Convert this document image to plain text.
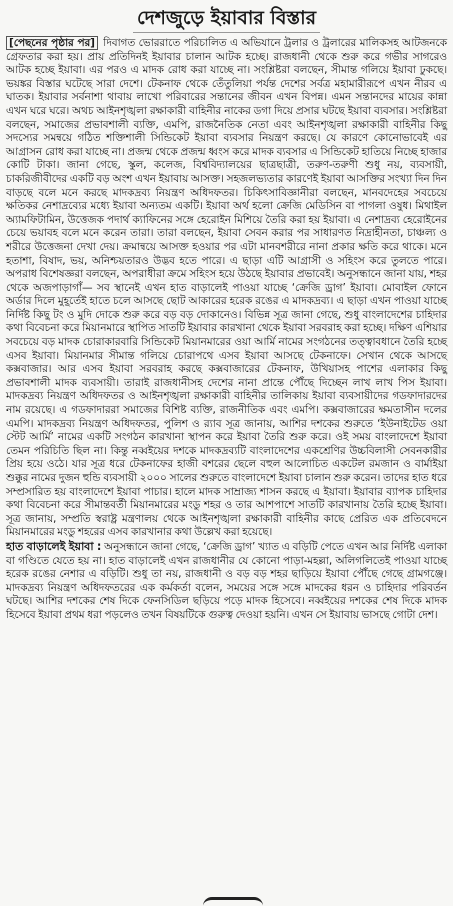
দেশজুড়ে ইয়াবার বিস্তার

[পেছনের পৃষ্ঠার পর] দিবাগত ভোররাতে পরিচালিত এ অভিযানে ট্রলার ও ট্রলারের মালিকসহ আটজনকে গ্রেফতার করা হয়। প্রায় প্রতিদিনই ইয়াবার চালান আটক হচ্ছে। রাজধানী থেকে শুরু করে গভীর সাগরেও আটক হচ্ছে ইয়াবা। এর পরও এ মাদক রোধ করা যাচ্ছে না। সংশ্লিষ্টরা বলছেন, সীমান্ত গলিয়ে ইয়াবা ঢুকছে। ভয়ঙ্কর বিস্তার ঘটেছে সারা দেশে। টেকনাফ থেকে তেঁতুলিয়া পর্যন্ত দেশের সর্বত্র মহামারীরূপে এখন নীরব এ ঘাতক। ইয়াবার সর্বনাশা থাবায় লাখো পরিবারের সন্তানের জীবন এখন বিপন্ন। এমন সন্তানদের মায়ের কান্না এখন ঘরে ঘরে। অথচ আইনশৃঙ্খলা রক্ষাকারী বাহিনীর নাকের ডগা দিয়ে প্রসার ঘটছে ইয়াবা ব্যবসার। সংশ্লিষ্টরা বলছেন, সমাজের প্রভাবশালী ব্যক্তি, এমপি, রাজনৈতিক নেতা এবং আইনশৃঙ্খলা রক্ষাকারী বাহিনীর কিছু সদস্যের সমন্বয়ে গঠিত শক্তিশালী সিন্ডিকেট ইয়াবা ব্যবসার নিয়ন্ত্রণ করছে। যে কারণে কোনোভাবেই এর আগ্রাসন রোধ করা যাচ্ছে না। প্রজন্ম থেকে প্রজন্ম ধ্বংস করে মাদক ব্যবসার এ সিন্ডিকেট হাতিয়ে নিচ্ছে হাজার কোটি টাকা। জানা গেছে, স্কুল, কলেজ, বিশ্ববিদ্যালয়ের ছাত্রছাত্রী, তরুণ-তরুণী শুধু নয়, ব্যবসায়ী, চাকরিজীবীদের একটি বড় অংশ এখন ইয়াবায় আসক্ত। সহজলভ্যতার কারণেই ইয়াবা আসক্তির সংখ্যা দিন দিন বাড়ছে বলে মনে করছে মাদকদ্রব্য নিয়ন্ত্রণ অধিদফতর। চিকিৎসাবিজ্ঞানীরা বলছেন, মানবদেহের সবচেয়ে ক্ষতিকর নেশাদ্রব্যের মধ্যে ইয়াবা অন্যতম একটি। ইয়াবা অর্থ হলো ক্রেজি মেডিসিন বা পাগলা ওষুধ। মিথাইল অ্যামফিটামিন, উত্তেজক পদার্থ ক্যাফিনের সঙ্গে হেরোইন মিশিয়ে তৈরি করা হয় ইয়াবা। এ নেশাদ্রব্য হেরোইনের চেয়ে ভয়াবহ বলে মনে করেন তারা। তারা বলছেন, ইয়াবা সেবন করার পর সাধারণত নিদ্রাহীনতা, চাঞ্চল্য ও শরীরে উত্তেজনা দেখা দেয়। ক্রমান্বয়ে আসক্ত হওয়ার পর এটা মানবশরীরে নানা প্রকার ক্ষতি করে থাকে। মনে হতাশা, বিষাদ, ভয়, অনিশ্চয়তারও উদ্ভব হতে পারে। এ ছাড়া এটি আগ্রাসী ও সহিংস করে তুলতে পারে। অপরাধ বিশেষজ্ঞরা বলছেন, অপরাধীরা ক্রমে সহিংস হয়ে উঠছে ইয়াবার প্রভাবেই। অনুসন্ধানে জানা যায়, শহর থেকে অজপাড়াগাঁ— সব স্থানেই এখন হাত বাড়ালেই পাওয়া যাচ্ছে ‘ক্রেজি ড্রাগ’ ইয়াবা। মোবাইল ফোনে অর্ডার দিলে মুহূর্তেই হাতে চলে আসছে ছোট আকারের হরেক রঙের এ মাদকদ্রব্য। এ ছাড়া এখন পাওয়া যাচ্ছে নির্দিষ্ট কিছু টং ও মুদি দোকে শুরু করে বড় বড় দোকানেও। বিভিন্ন সূত্র জানা গেছে, শুধু বাংলাদেশের চাহিদার কথা বিবেচনা করে মিয়ানমারে স্থাপিত সাতটি ইয়াবার কারখানা থেকে ইয়াবা সরবরাহ করা হচ্ছে। দক্ষিণ এশিয়ার সবচেয়ে বড় মাদক চোরাকারবারি সিন্ডিকেট মিয়ানমারের ওয়া আর্মি নামের সংগঠনের তত্ত্বাবধানে তৈরি হচ্ছে এসব ইয়াবা। মিয়ানমার সীমান্ত গলিয়ে চোরাপথে এসব ইয়াবা আসছে টেকনাফে। সেখান থেকে আসছে কক্সবাজার। আর এসব ইয়াবা সরবরাহ করছে কক্সবাজারের টেকনাফ, উখিয়াসহ পাশের এলাকার কিছু প্রভাবশালী মাদক ব্যবসায়ী। তারাই রাজধানীসহ দেশের নানা প্রান্তে পৌঁছে দিচ্ছেন লাখ লাখ পিস ইয়াবা। মাদকদ্রব্য নিয়ন্ত্রণ অধিদফতর ও আইনশৃঙ্খলা রক্ষাকারী বাহিনীর তালিকায় ইয়াবা ব্যবসায়ীদের গডফাদারদের নাম রয়েছে। এ গডফাদাররা সমাজের বিশিষ্ট ব্যক্তি, রাজনীতিক এবং এমপি। কক্সবাজারের ক্ষমতাসীন দলের এমপি। মাদকদ্রব্য নিয়ন্ত্রণ অধিদফতর, পুলিশ ও র‌্যাব সূত্র জানায়, আশির দশকের শুরুতে ‘ইউনাইটেড ওয়া স্টেট আর্মি’ নামের একটি সংগঠন কারখানা স্থাপন করে ইয়াবা তৈরি শুরু করে। ওই সময় বাংলাদেশে ইয়াবা তেমন পরিচিতি ছিল না। কিন্তু নব্বইয়ের দশকে মাদকদ্রব্যটি বাংলাদেশের একশ্রেণির উচ্চবিলাসী সেবনকারীর প্রিয় হয়ে ওঠে। যার সূত্র ধরে টেকনাফের হাজী বশরের ছেলে বহুল আলোচিত একটেল রমজান ও বার্মাইয়া শুক্কুর নামের দুজন হুন্ডি ব্যবসায়ী ২০০০ সালের শুরুতে বাংলাদেশে ইয়াবা চালান শুরু করেন। তাদের হাত ধরে সম্প্রসারিত হয় বাংলাদেশে ইয়াবা পাচার। হালে মাদক সাম্রাজ্য শাসন করছে এ ইয়াবা। ইয়াবার ব্যাপক চাহিদার কথা বিবেচনা করে সীমান্তবর্তী মিয়ানমারের মংডু শহর ও তার আশপাশে সাতটি কারখানায় তৈরি হচ্ছে ইয়াবা। সূত্র জানায়, সম্প্রতি স্বরাষ্ট্র মন্ত্রণালয় থেকে আইনশৃঙ্খলা রক্ষাকারী বাহিনীর কাছে প্রেরিত এক প্রতিবেদনে মিয়ানমারের মংডু শহরের এসব কারখানার কথা উল্লেখ করা হয়েছে।

হাত বাড়ালেই ইয়াবা : অনুসন্ধানে জানা গেছে, ‘ক্রেজি ড্রাগ’ খ্যাত এ বড়িটি পেতে এখন আর নির্দিষ্ট এলাকা বা গণ্ডিতে যেতে হয় না। হাত বাড়ালেই এখন রাজধানীর যে কোনো পাড়া-মহল্লা, অলিগলিতেই পাওয়া যাচ্ছে হরেক রঙের নেশার এ বড়িটি। শুধু তা নয়, রাজধানী ও বড় বড় শহর ছাড়িয়ে ইয়াবা পৌঁছে গেছে গ্রামগঞ্জে। মাদকদ্রব্য নিয়ন্ত্রণ অধিদফতরের এক কর্মকর্তা বলেন, সময়ের সঙ্গে সঙ্গে মাদকের ধরন ও চাহিদার পরিবর্তন ঘটছে। আশির দশকের শেষ দিকে ফেনসিডিল ছড়িয়ে পড়ে মাদক হিসেবে। নব্বইয়ের দশকের শেষ দিকে মাদক হিসেবে ইয়াবা প্রথম ধরা পড়লেও তখন বিষয়টিকে গুরুত্ব দেওয়া হয়নি। এখন সে ইয়াবায় ভাসছে গোটা দেশ।
